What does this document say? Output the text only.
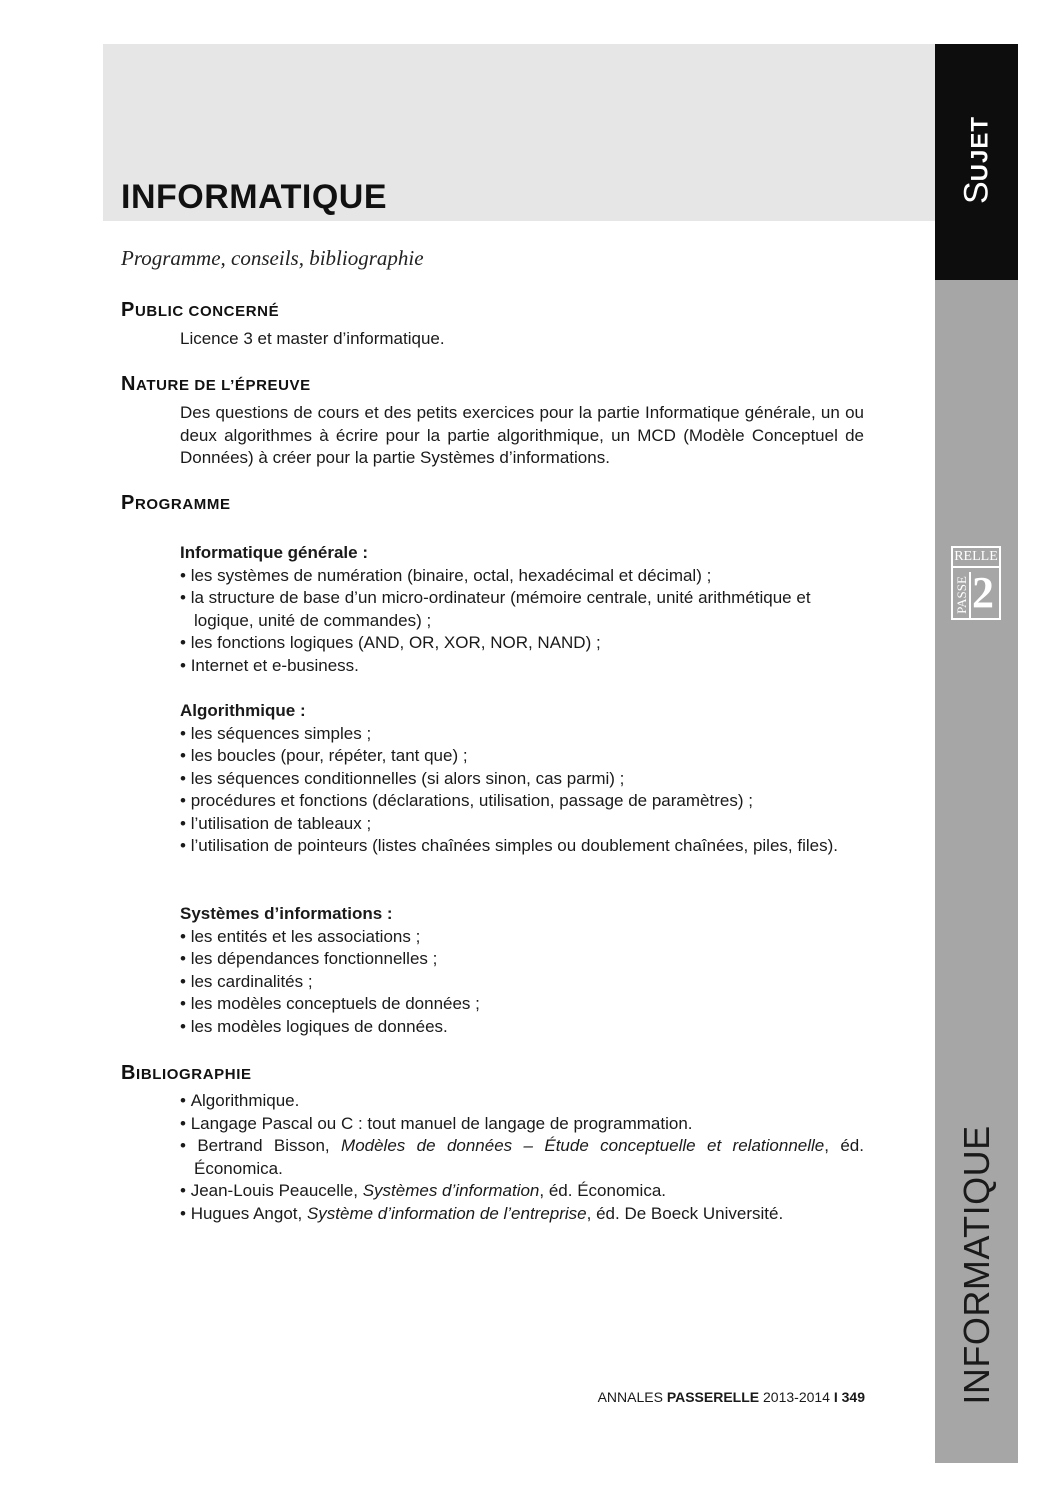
INFORMATIQUE
Programme, conseils, bibliographie
SUJET
INFORMATIQUE
RELLE
PASSE 2
PUBLIC CONCERNÉ
Licence 3 et master d’informatique.
NATURE DE L’ÉPREUVE
Des questions de cours et des petits exercices pour la partie Informatique générale, un ou deux algorithmes à écrire pour la partie algorithmique, un MCD (Modèle Conceptuel de Données) à créer pour la partie Systèmes d’informations.
PROGRAMME
Informatique générale :
• les systèmes de numération (binaire, octal, hexadécimal et décimal) ;
• la structure de base d’un micro-ordinateur (mémoire centrale, unité arithmétique et logique, unité de commandes) ;
• les fonctions logiques (AND, OR, XOR, NOR, NAND) ;
• Internet et e-business.
Algorithmique :
• les séquences simples ;
• les boucles (pour, répéter, tant que) ;
• les séquences conditionnelles (si alors sinon, cas parmi) ;
• procédures et fonctions (déclarations, utilisation, passage de paramètres) ;
• l’utilisation de tableaux ;
• l’utilisation de pointeurs (listes chaînées simples ou doublement chaînées, piles, files).
Systèmes d’informations :
• les entités et les associations ;
• les dépendances fonctionnelles ;
• les cardinalités ;
• les modèles conceptuels de données ;
• les modèles logiques de données.
BIBLIOGRAPHIE
• Algorithmique.
• Langage Pascal ou C : tout manuel de langage de programmation.
• Bertrand Bisson, Modèles de données – Étude conceptuelle et relationnelle, éd. Économica.
• Jean-Louis Peaucelle, Systèmes d’information, éd. Économica.
• Hugues Angot, Système d’information de l’entreprise, éd. De Boeck Université.
ANNALES PASSERELLE 2013-2014 I 349
